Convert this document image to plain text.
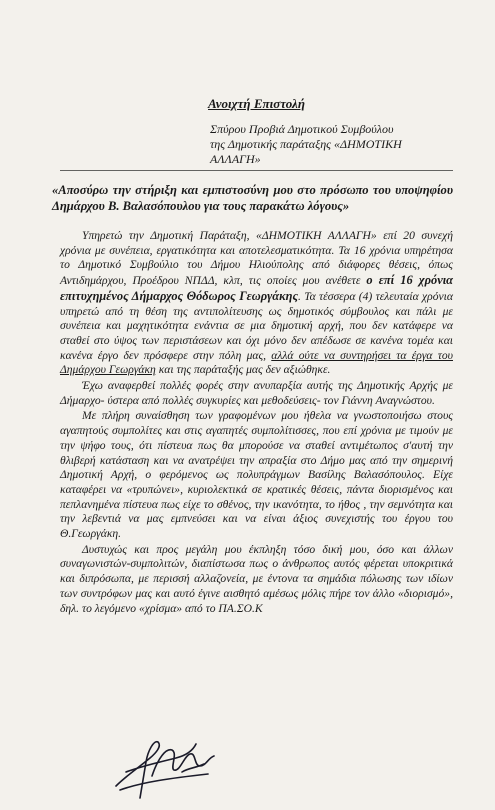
Ανοιχτή Επιστολή
Σπύρου Προβιά Δημοτικού Συμβούλου
της Δημοτικής παράταξης «ΔΗΜΟΤΙΚΗ ΑΛΛΑΓΗ»
«Αποσύρω την στήριξη και εμπιστοσύνη μου στο πρόσωπο του υποψηφίου Δημάρχου Β. Βαλασόπουλου για τους παρακάτω λόγους»

Υπηρετώ την Δημοτική Παράταξη, «ΔΗΜΟΤΙΚΗ ΑΛΛΑΓΗ» επί 20 συνεχή χρόνια με συνέπεια, εργατικότητα και αποτελεσματικότητα. Τα 16 χρόνια υπηρέτησα το Δημοτικό Συμβούλιο του Δήμου Ηλιούπολης από διάφορες θέσεις, όπως Αντιδημάρχου, Προέδρου ΝΠΔΔ, κλπ, τις οποίες μου ανέθετε ο επί 16 χρόνια επιτυχημένος Δήμαρχος Θόδωρος Γεωργάκης. Τα τέσσερα (4) τελευταία χρόνια υπηρετώ από τη θέση της αντιπολίτευσης ως δημοτικός σύμβουλος και πάλι με συνέπεια και μαχητικότητα ενάντια σε μια δημοτική αρχή, που δεν κατάφερε να σταθεί στο ύψος των περιστάσεων και όχι μόνο δεν απέδωσε σε κανένα τομέα και κανένα έργο δεν πρόσφερε στην πόλη μας, αλλά ούτε να συντηρήσει τα έργα του Δημάρχου Γεωργάκη και της παράταξής μας δεν αξιώθηκε.

Έχω αναφερθεί πολλές φορές στην ανυπαρξία αυτής της Δημοτικής Αρχής με Δήμαρχο- ύστερα από πολλές συγκυρίες και μεθοδεύσεις- τον Γιάννη Αναγνώστου.

Με πλήρη συναίσθηση των γραφομένων μου ήθελα να γνωστοποιήσω στους αγαπητούς συμπολίτες και στις αγαπητές συμπολίτισσες, που επί χρόνια με τιμούν με την ψήφο τους, ότι πίστευα πως θα μπορούσε να σταθεί αντιμέτωπος σ'αυτή την θλιβερή κατάσταση και να ανατρέψει την απραξία στο Δήμο μας από την σημερινή Δημοτική Αρχή, ο φερόμενος ως πολυπράγμων Βασίλης Βαλασόπουλος. Είχε καταφέρει να «τρυπώνει», κυριολεκτικά σε κρατικές θέσεις, πάντα διορισμένος και πεπλανημένα πίστευα πως είχε το σθένος, την ικανότητα, το ήθος , την σεμνότητα και την λεβεντιά να μας εμπνεύσει και να είναι άξιος συνεχιστής του έργου του Θ.Γεωργάκη.

Δυστυχώς και προς μεγάλη μου έκπληξη τόσο δική μου, όσο και άλλων συναγωνιστών-συμπολιτών, διαπίστωσα πως ο άνθρωπος αυτός φέρεται υποκριτικά και διπρόσωπα, με περισσή αλλαζονεία, με έντονα τα σημάδια πόλωσης των ιδίων των συντρόφων μας και αυτό έγινε αισθητό αμέσως μόλις πήρε τον άλλο «διορισμό», δηλ. το λεγόμενο «χρίσμα» από το ΠΑ.ΣΟ.Κ
